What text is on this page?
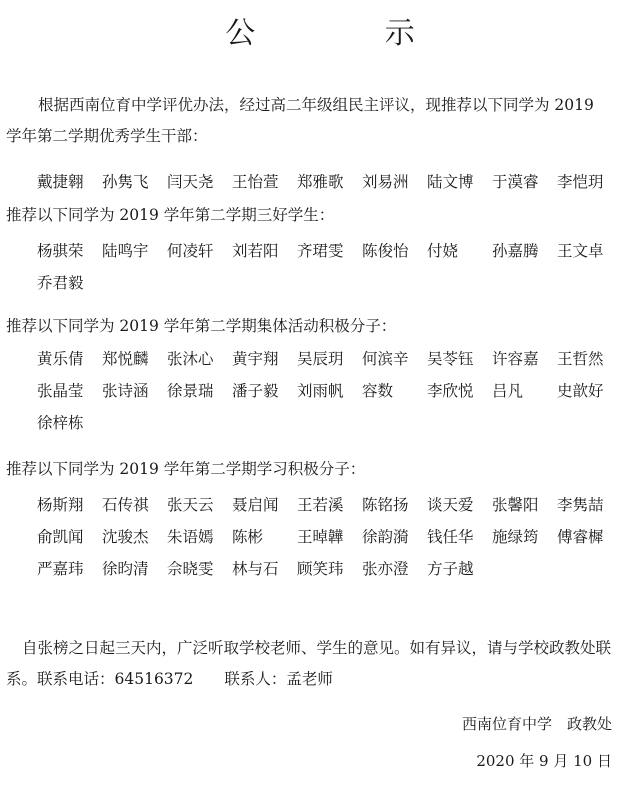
公 示
根据西南位育中学评优办法，经过高二年级组民主评议，现推荐以下同学为 2019 学年第二学期优秀学生干部：
戴捷翱	孙隽飞	闫天尧	王怡萱	郑雅歌	刘易洲	陆文博	于漠睿	李恺玥
推荐以下同学为 2019 学年第二学期三好学生：
杨骐荣	陆鸣宇	何凌轩	刘若阳	齐珺雯	陈俊怡	付娆	孙嘉腾	王文卓
乔君毅
推荐以下同学为 2019 学年第二学期集体活动积极分子：
黄乐倩	郑悦麟	张沐心	黄宇翔	吴辰玥	何滨辛	吴苓钰	许容嘉	王哲然
张晶莹	张诗涵	徐景瑞	潘子毅	刘雨帆	容数	李欣悦	吕凡	史歆好
徐梓栋
推荐以下同学为 2019 学年第二学期学习积极分子：
杨斯翔	石传祺	张天云	聂启闻	王若溪	陈铭扬	谈天爱	张馨阳	李隽喆
俞凯闻	沈骏杰	朱语嫣	陈彬	王晫韡	徐韵漪	钱任华	施绿筠	傅睿樨
严嘉玮	徐昀清	佘晓雯	林与石	顾笑玮	张亦澄	方子越
自张榜之日起三天内，广泛听取学校老师、学生的意见。如有异议，请与学校政教处联系。联系电话：64516372　　联系人：孟老师
西南位育中学　政教处
2020 年 9 月 10 日
